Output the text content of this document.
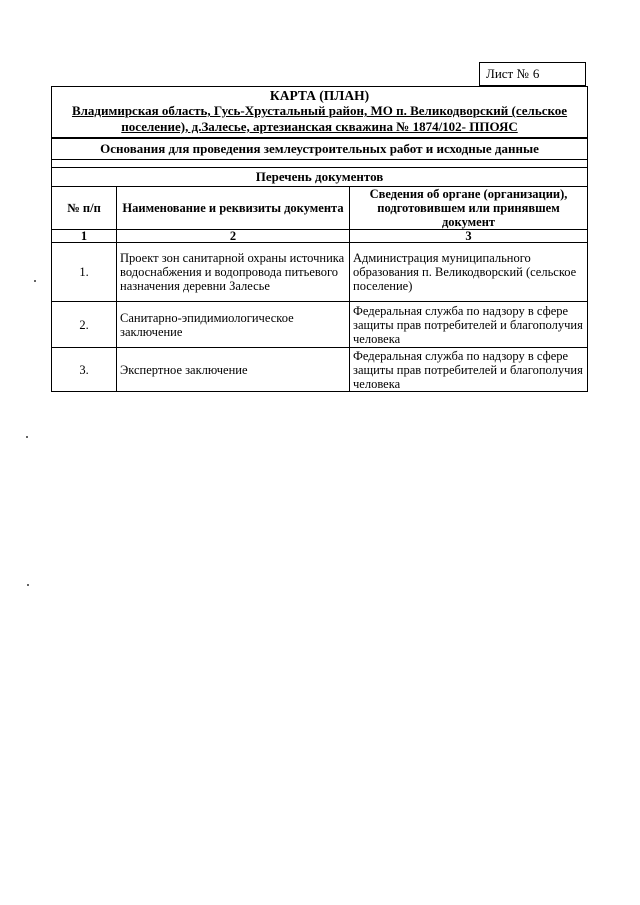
Лист № 6
КАРТА (ПЛАН)
Владимирская область, Гусь-Хрустальный район, МО п. Великодворский (сельское
поселение), д.Залесье, артезианская скважина № 1874/102- ППОЯС		

Основания для проведения землеустроительных работ и исходные данные		

Перечень документов		
№ п/п	Наименование и реквизиты документа	Сведения об органе (организации), подготовившем или принявшем документ
1	2	3
1.	Проект зон санитарной охраны источника водоснабжения и водопровода питьевого назначения деревни Залесье	Администрация муниципального образования п. Великодворский (сельское поселение)
2.	Санитарно-эпидимиологическое заключение	Федеральная служба по надзору в сфере защиты прав потребителей и благополучия человека
3.	Экспертное заключение	Федеральная служба по надзору в сфере защиты прав потребителей и благополучия человека
